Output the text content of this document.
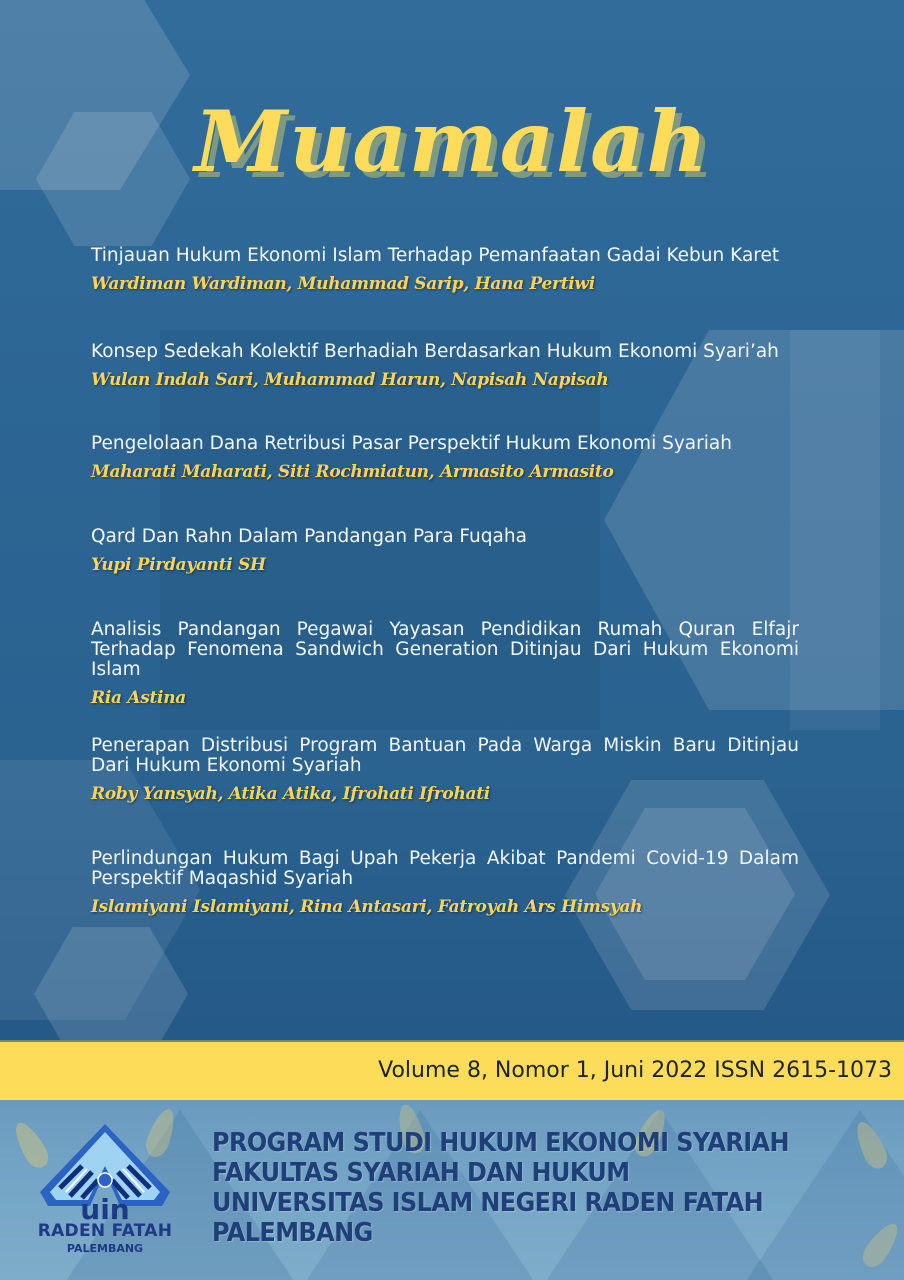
Muamalah
Tinjauan Hukum Ekonomi Islam Terhadap Pemanfaatan Gadai Kebun Karet
Wardiman Wardiman, Muhammad Sarip, Hana Pertiwi
Konsep Sedekah Kolektif Berhadiah Berdasarkan Hukum Ekonomi Syari’ah
Wulan Indah Sari, Muhammad Harun, Napisah Napisah
Pengelolaan Dana Retribusi Pasar Perspektif Hukum Ekonomi Syariah
Maharati Maharati, Siti Rochmiatun, Armasito Armasito
Qard Dan Rahn Dalam Pandangan Para Fuqaha
Yupi Pirdayanti SH
Analisis Pandangan Pegawai Yayasan Pendidikan Rumah Quran Elfajr Terhadap Fenomena Sandwich Generation Ditinjau Dari Hukum Ekonomi Islam
Ria Astina
Penerapan Distribusi Program Bantuan Pada Warga Miskin Baru Ditinjau Dari Hukum Ekonomi Syariah
Roby Yansyah, Atika Atika, Ifrohati Ifrohati
Perlindungan Hukum Bagi Upah Pekerja Akibat Pandemi Covid-19 Dalam Perspektif Maqashid Syariah
Islamiyani Islamiyani, Rina Antasari, Fatroyah Ars Himsyah
Volume 8, Nomor 1, Juni 2022 ISSN 2615-1073
PROGRAM STUDI HUKUM EKONOMI SYARIAH
FAKULTAS SYARIAH DAN HUKUM
UNIVERSITAS ISLAM NEGERI RADEN FATAH
PALEMBANG
uin
RADEN FATAH
PALEMBANG
